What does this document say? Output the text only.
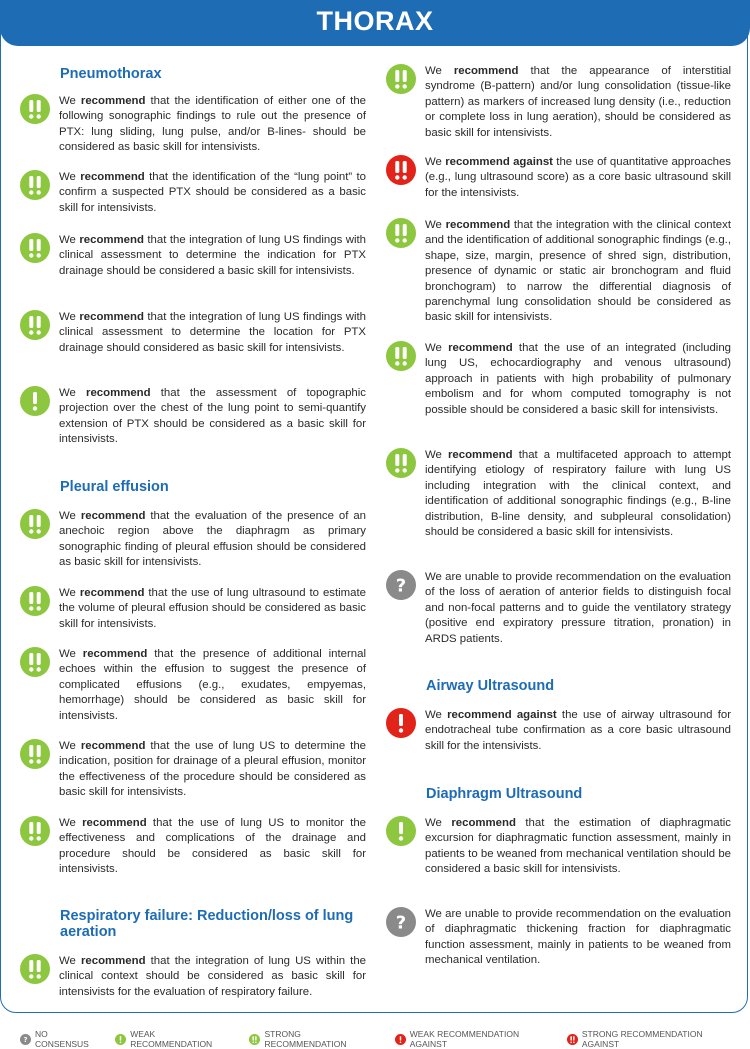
THORAX
Pneumothorax
We recommend that the identification of either one of the following sonographic findings to rule out the presence of PTX: lung sliding, lung pulse, and/or B-lines- should be considered as basic skill for intensivists.
We recommend that the identification of the “lung point” to confirm a suspected PTX should be considered as a basic skill for intensivists.
We recommend that the integration of lung US findings with clinical assessment to determine the indication for PTX drainage should be considered a basic skill for intensivists.
We recommend that the integration of lung US findings with clinical assessment to determine the location for PTX drainage should considered as basic skill for intensivists.
We recommend that the assessment of topographic projection over the chest of the lung point to semi-quantify extension of PTX should be considered as a basic skill for intensivists.
Pleural effusion
We recommend that the evaluation of the presence of an anechoic region above the diaphragm as primary sonographic finding of pleural effusion should be considered as basic skill for intensivists.
We recommend that the use of lung ultrasound to estimate the volume of pleural effusion should be considered as basic skill for intensivists.
We recommend that the presence of additional internal echoes within the effusion to suggest the presence of complicated effusions (e.g., exudates, empyemas, hemorrhage) should be considered as basic skill for intensivists.
We recommend that the use of lung US to determine the indication, position for drainage of a pleural effusion, monitor the effectiveness of the procedure should be considered as basic skill for intensivists.
We recommend that the use of lung US to monitor the effectiveness and complications of the drainage and procedure should be considered as basic skill for intensivists.
Respiratory failure: Reduction/loss of lung aeration
We recommend that the integration of lung US within the clinical context should be considered as basic skill for intensivists for the evaluation of respiratory failure.
We recommend that the appearance of interstitial syndrome (B-pattern) and/or lung consolidation (tissue-like pattern) as markers of increased lung density (i.e., reduction or complete loss in lung aeration), should be considered as basic skill for intensivists.
We recommend against the use of quantitative approaches (e.g., lung ultrasound score) as a core basic ultrasound skill for the intensivists.
We recommend that the integration with the clinical context and the identification of additional sonographic findings (e.g., shape, size, margin, presence of shred sign, distribution, presence of dynamic or static air bronchogram and fluid bronchogram) to narrow the differential diagnosis of parenchymal lung consolidation should be considered as basic skill for intensivists.
We recommend that the use of an integrated (including lung US, echocardiography and venous ultrasound) approach in patients with high probability of pulmonary embolism and for whom computed tomography is not possible should be considered a basic skill for intensivists.
We recommend that a multifaceted approach to attempt identifying etiology of respiratory failure with lung US including integration with the clinical context, and identification of additional sonographic findings (e.g., B-line distribution, B-line density, and subpleural consolidation) should be considered a basic skill for intensivists.
? We are unable to provide recommendation on the evaluation of the loss of aeration of anterior fields to distinguish focal and non-focal patterns and to guide the ventilatory strategy (positive end expiratory pressure titration, pronation) in ARDS patients.
Airway Ultrasound
We recommend against the use of airway ultrasound for endotracheal tube confirmation as a core basic ultrasound skill for the intensivists.
Diaphragm Ultrasound
We recommend that the estimation of diaphragmatic excursion for diaphragmatic function assessment, mainly in patients to be weaned from mechanical ventilation should be considered a basic skill for intensivists.
? We are unable to provide recommendation on the evaluation of diaphragmatic thickening fraction for diaphragmatic function assessment, mainly in patients to be weaned from mechanical ventilation.
?
NO CONSENSUS
WEAK RECOMMENDATION
STRONG RECOMMENDATION
WEAK RECOMMENDATION AGAINST
STRONG RECOMMENDATION AGAINST
